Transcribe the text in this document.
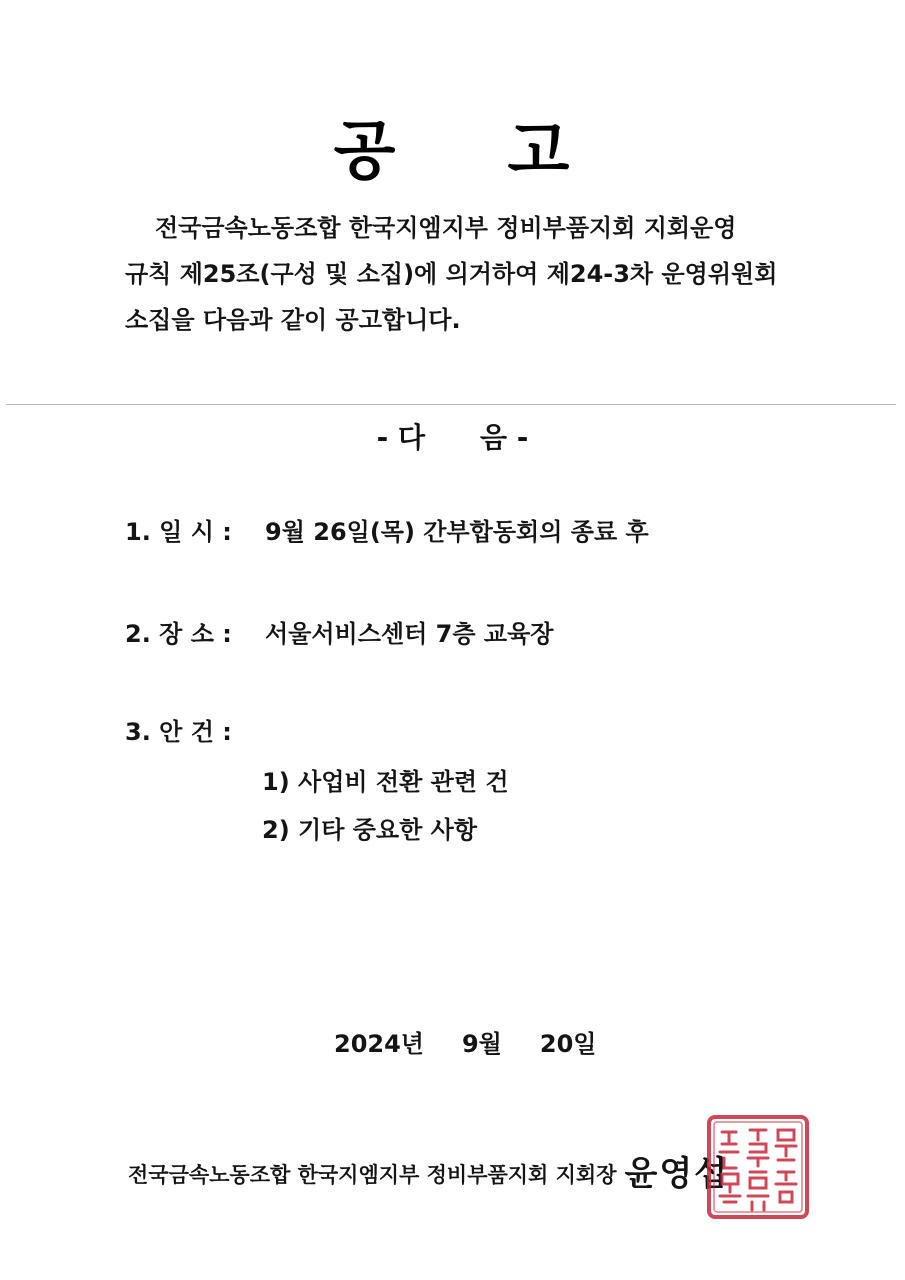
공 고
전국금속노동조합 한국지엠지부 정비부품지회 지회운영
규칙 제25조(구성 및 소집)에 의거하여 제24-3차 운영위원회
소집을 다음과 같이 공고합니다.
- 다 음 -
1. 일 시 : 9월 26일(목) 간부합동회의 종료 후
2. 장 소 : 서울서비스센터 7층 교육장
3. 안 건 :
1) 사업비 전환 관련 건
2) 기타 중요한 사항
2024년 9월 20일
전국금속노동조합 한국지엠지부 정비부품지회 지회장 윤영섭
